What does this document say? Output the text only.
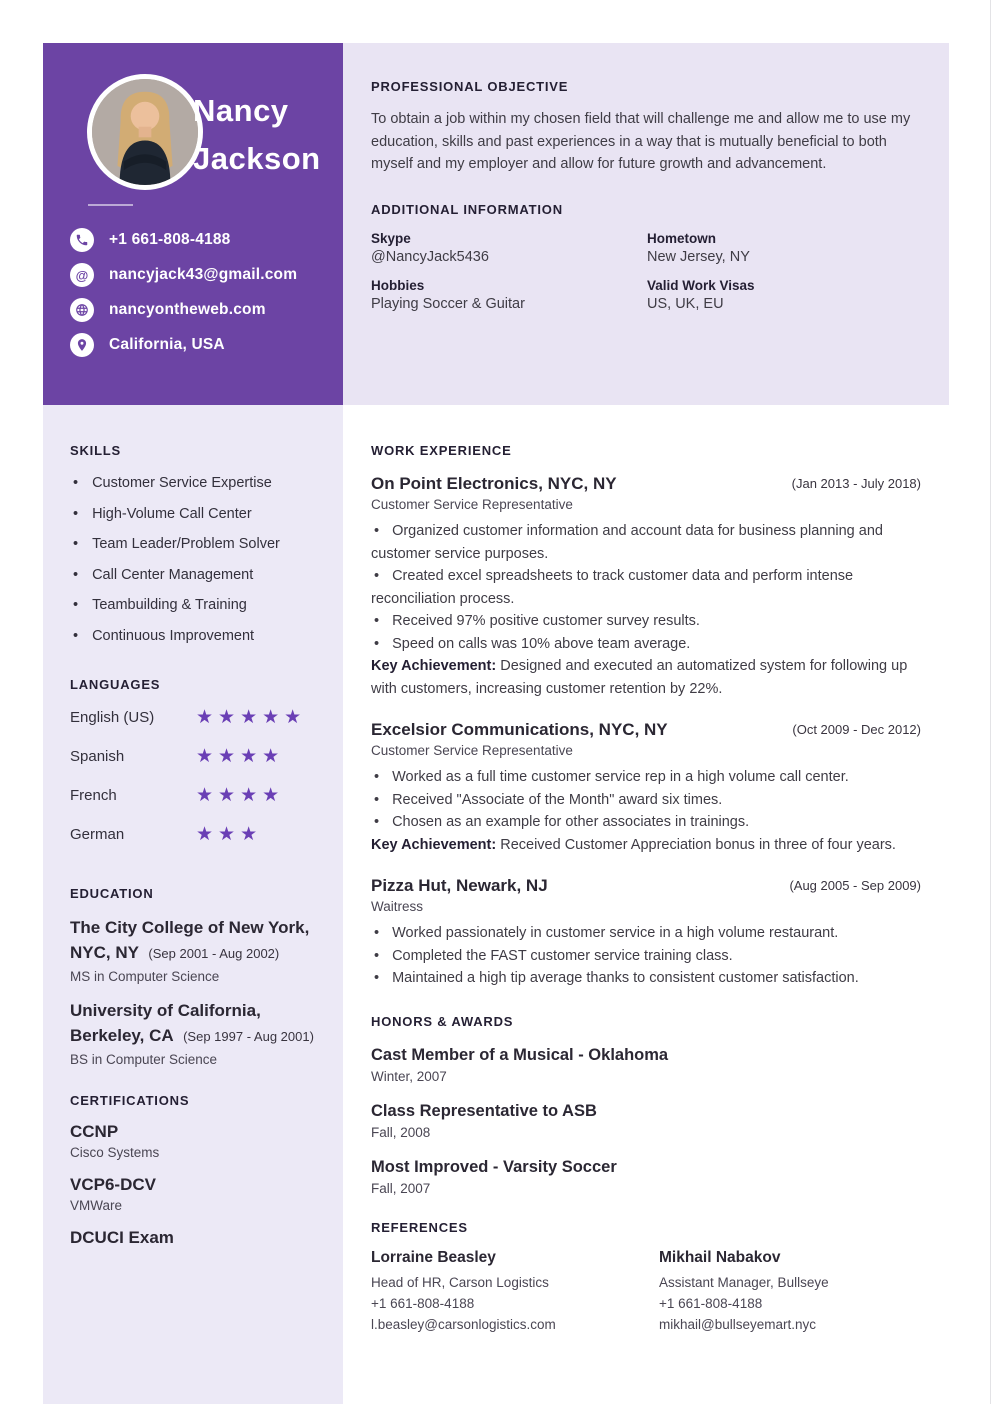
Nancy
Jackson
+1 661-808-4188
@	nancyjack43@gmail.com
nancyontheweb.com
California, USA
PROFESSIONAL OBJECTIVE

To obtain a job within my chosen field that will challenge me and allow me to use my education, skills and past experiences in a way that is mutually beneficial to both myself and my employer and allow for future growth and advancement.

ADDITIONAL INFORMATION
Skype
@NancyJack5436
Hometown
New Jersey, NY
Hobbies
Playing Soccer & Guitar
Valid Work Visas
US, UK, EU
SKILLS
• Customer Service Expertise
• High-Volume Call Center
• Team Leader/Problem Solver
• Call Center Management
• Teambuilding & Training
• Continuous Improvement
LANGUAGES
English (US)	★★★★★
Spanish	★★★★
French	★★★★
German	★★★
EDUCATION
The City College of New York, NYC, NY (Sep 2001 - Aug 2002)
MS in Computer Science
University of California, Berkeley, CA (Sep 1997 - Aug 2001)
BS in Computer Science
CERTIFICATIONS
CCNP
Cisco Systems
VCP6-DCV
VMWare
DCUCI Exam
WORK EXPERIENCE
On Point Electronics, NYC, NY	(Jan 2013 - July 2018)
Customer Service Representative

• Organized customer information and account data for business planning and customer service purposes.

• Created excel spreadsheets to track customer data and perform intense reconciliation process.

• Received 97% positive customer survey results.

• Speed on calls was 10% above team average.

Key Achievement: Designed and executed an automatized system for following up with customers, increasing customer retention by 22%.

Excelsior Communications, NYC, NY	(Oct 2009 - Dec 2012)
Customer Service Representative

• Worked as a full time customer service rep in a high volume call center.

• Received "Associate of the Month" award six times.

• Chosen as an example for other associates in trainings.

Key Achievement: Received Customer Appreciation bonus in three of four years.

Pizza Hut, Newark, NJ	(Aug 2005 - Sep 2009)
Waitress

• Worked passionately in customer service in a high volume restaurant.

• Completed the FAST customer service training class.

• Maintained a high tip average thanks to consistent customer satisfaction.

HONORS & AWARDS
Cast Member of a Musical - Oklahoma
Winter, 2007
Class Representative to ASB
Fall, 2008
Most Improved - Varsity Soccer
Fall, 2007
REFERENCES
Lorraine Beasley
Head of HR, Carson Logistics
+1 661-808-4188
l.beasley@carsonlogistics.com
Mikhail Nabakov
Assistant Manager, Bullseye
+1 661-808-4188
mikhail@bullseyemart.nyc
